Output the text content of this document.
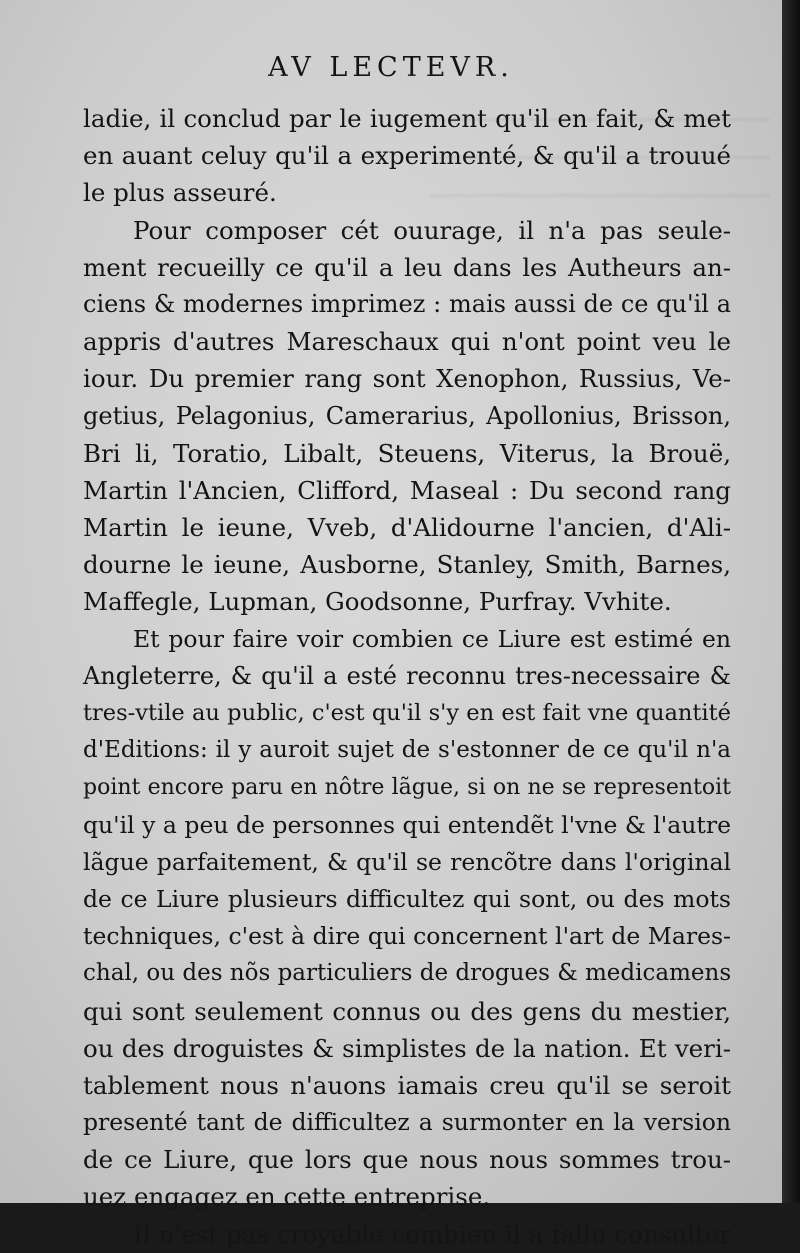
AV LECTEVR.
ladie, il conclud par le iugement qu'il en fait, & met
en auant celuy qu'il a experimenté, & qu'il a trouué
le plus asseuré.
Pour composer cét ouurage, il n'a pas seule-
ment recueilly ce qu'il a leu dans les Autheurs an-
ciens & modernes imprimez : mais aussi de ce qu'il a
appris d'autres Mareschaux qui n'ont point veu le
iour. Du premier rang sont Xenophon, Russius, Ve-
getius, Pelagonius, Camerarius, Apollonius, Brisson,
Bri li, Toratio, Libalt, Steuens, Viterus, la Brouë,
Martin l'Ancien, Clifford, Maseal : Du second rang
Martin le ieune, Vveb, d'Alidourne l'ancien, d'Ali-
dourne le ieune, Ausborne, Stanley, Smith, Barnes,
Maffegle, Lupman, Goodsonne, Purfray. Vvhite.
Et pour faire voir combien ce Liure est estimé en
Angleterre, & qu'il a esté reconnu tres-necessaire &
tres-vtile au public, c'est qu'il s'y en est fait vne quantité
d'Editions: il y auroit sujet de s'estonner de ce qu'il n'a
point encore paru en nôtre lãgue, si on ne se representoit
qu'il y a peu de personnes qui entendẽt l'vne & l'autre
lãgue parfaitement, & qu'il se rencõtre dans l'original
de ce Liure plusieurs difficultez qui sont, ou des mots
techniques, c'est à dire qui concernent l'art de Mares-
chal, ou des nõs particuliers de drogues & medicamens
qui sont seulement connus ou des gens du mestier,
ou des droguistes & simplistes de la nation. Et veri-
tablement nous n'auons iamais creu qu'il se seroit
presenté tant de difficultez a surmonter en la version
de ce Liure, que lors que nous nous sommes trou-
uez engagez en cette entreprise.
Il n'est pas croyable combien il a fallu consulter
